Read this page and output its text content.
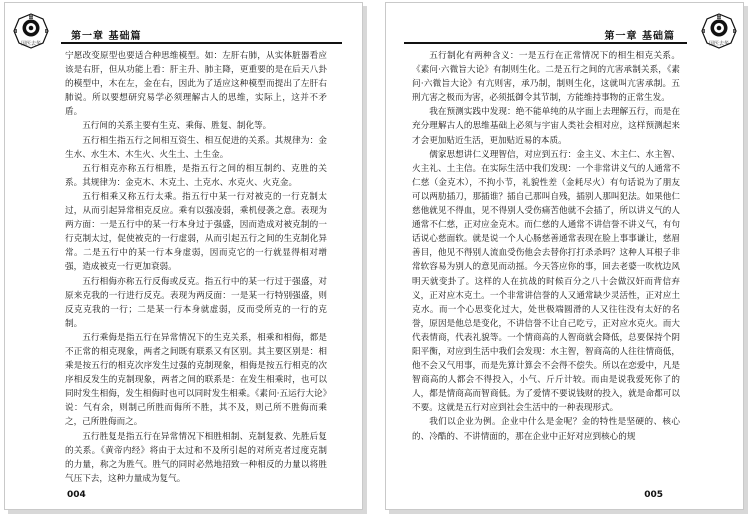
国医去华
第一章 基础篇

宁愿改变原型也要适合种思维模型。如：左肝右肺，从实体脏器看应该是右肝，但从功能上看：肝主升、肺主降，更重要的是在后天八卦的模型中，木在左，金在右，因此为了适应这种模型而提出了左肝右肺说。所以要想研究易学必须理解古人的思维，实际上，这并不矛盾。

五行间的关系主要有生克、乘侮、胜复、制化等。

五行相生指五行之间相互资生、相互促进的关系。其规律为：金生水、水生木、木生火、火生土、土生金。

五行相克亦称五行相胜，是指五行之间的相互制约、克胜的关系。其规律为：金克木、木克土、土克水、水克火、火克金。

五行相乘又称五行太乘。指五行中某一行对被克的一行克制太过，从而引起异常相克反应。乘有以强凌弱，乘机侵袭之意。表现为两方面：一是五行中的某一行本身过于强盛，因而造成对被克制的一行克制太过，促使被克的一行虚弱，从而引起五行之间的生克制化异常。二是五行中的某一行本身虚弱，因而克它的一行就显得相对增强，造成被克一行更加衰弱。

五行相侮亦称五行反侮或反克。指五行中的某一行过于强盛，对原来克我的一行进行反克。表现为两反面：一是某一行特别强盛，则反克克我的一行；二是某一行本身就虚弱，反而受所克的一行的克制。

五行乘侮是指五行在异常情况下的生克关系，相乘和相侮，都是不正常的相克现象，两者之间既有联系又有区别。其主要区别是：相乘是按五行的相克次序发生过强的克制现象，相侮是按五行相克的次序相反发生的克制现象，两者之间的联系是：在发生相乘时，也可以同时发生相侮，发生相侮时也可以同时发生相乘。《素问·五运行大论》说：气有余，则制己所胜而侮所不胜，其不及，则己所不胜侮而乘之，己所胜侮而之。

五行胜复是指五行在异常情况下相胜相制、克制复救、先胜后复的关系。《黄帝内经》将由于太过和不及所引起的对所克者过度克制的力量，称之为胜气。胜气的同时必然地招致一种相反的力量以将胜气压下去，这种力量成为复气。

004
第一章 基础篇
国医去华

五行制化有两种含义：一是五行在正常情况下的相生相克关系。《素问·六微旨大论》有制则生化。二是五行之间的亢害承制关系，《素问·六微旨大论》有亢则害，承乃制，制则生化，这就叫亢害承制。五刑亢害之极而为害，必须抵御令其节制，方能维持事物的正常生发。

我在预测实践中发现：绝不能单纯的从字面上去理解五行，而是在充分理解古人的思维基础上必须与宇宙人类社会相对应，这样预测起来才会更加贴近生活，更加贴近易的本质。

儒家思想讲仁义理智信，对应到五行：金主义、木主仁、水主智、火主礼、土主信。在实际生活中我们发现：一个非常讲义气的人通常不仁慈（金克木），不拘小节，礼貌性差（金耗尽火）有句话说为了朋友可以两肋插刀，那插谁？插自己那叫自残，插别人那叫犯法。如果他仁慈他就见不得血，见不得别人受伤痛苦他就不会插了，所以讲义气的人通常不仁慈，正对应金克木。而仁慈的人通常不讲信誉不讲义气，有句话说心慈面软。就是说一个人心肠慈善通常表现在脸上事事谦让，慈眉善目，他见不得别人流血受伤他会去替你打打杀杀吗？这种人耳根子非常软容易为别人的意见而动摇。今天答应你的事，回去老婆一吹枕边风明天就变卦了。这样的人在抗战的时候百分之八十会做汉奸而背信弃义，正对应木克土。一个非常讲信誉的人又通常缺少灵活性，正对应土克水。而一个心思变化过大，处世极端圆滑的人又往往没有太好的名誉，原因是他总是变化，不讲信誉不让自己吃亏，正对应水克火。而大代表情商，代表礼貌等。一个情商高的人智商就会降低，总要保持个阴阳平衡，对应到生活中我们会发现：水主智，智商高的人往往情商低，他不会又气用事，而是先算计算会不会得不偿失。所以在恋爱中，凡是智商高的人都会不得投入，小气、斤斤计较。而由是说我爱死你了的人，都是情商高而智商低。为了爱情不要说钱财的投入，就是命都可以不要。这就是五行对应到社会生活中的一种表现形式。

我们以企业为例。企业中什么是金呢？金的特性是坚硬的、核心的、冷酷的、不讲情面的，那在企业中正好对应到核心的规

005
